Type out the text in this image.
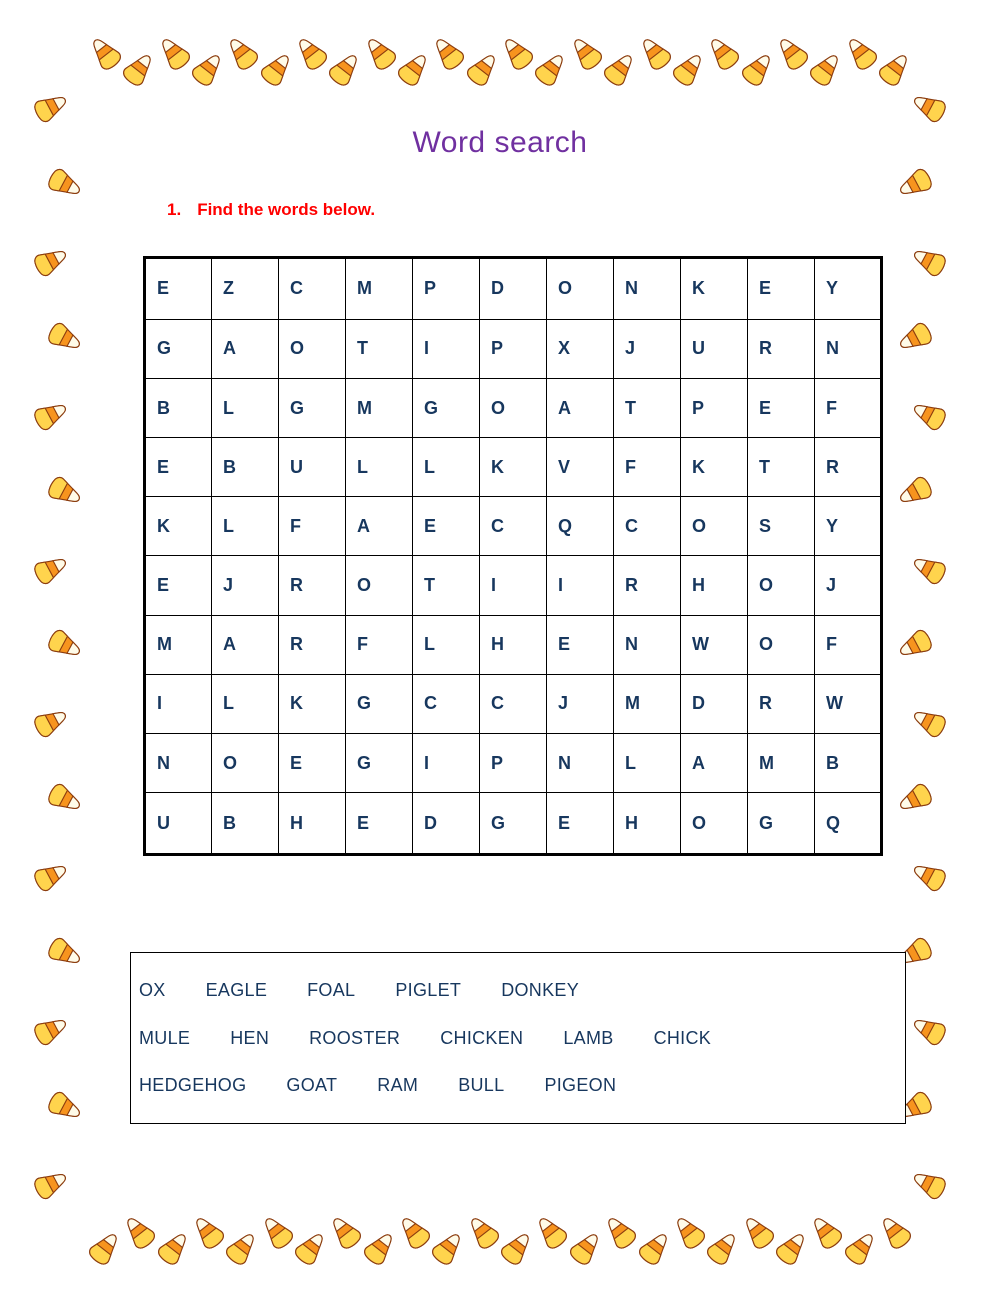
Word search
1. Find the words below.
E	Z	C	M	P	D	O	N	K	E	Y
G	A	O	T	I	P	X	J	U	R	N
B	L	G	M	G	O	A	T	P	E	F
E	B	U	L	L	K	V	F	K	T	R
K	L	F	A	E	C	Q	C	O	S	Y
E	J	R	O	T	I	I	R	H	O	J
M	A	R	F	L	H	E	N	W	O	F
I	L	K	G	C	C	J	M	D	R	W
N	O	E	G	I	P	N	L	A	M	B
U	B	H	E	D	G	E	H	O	G	Q
OX EAGLE FOAL PIGLET DONKEY
MULE HEN ROOSTER CHICKEN LAMB CHICK
HEDGEHOG GOAT RAM BULL PIGEON
